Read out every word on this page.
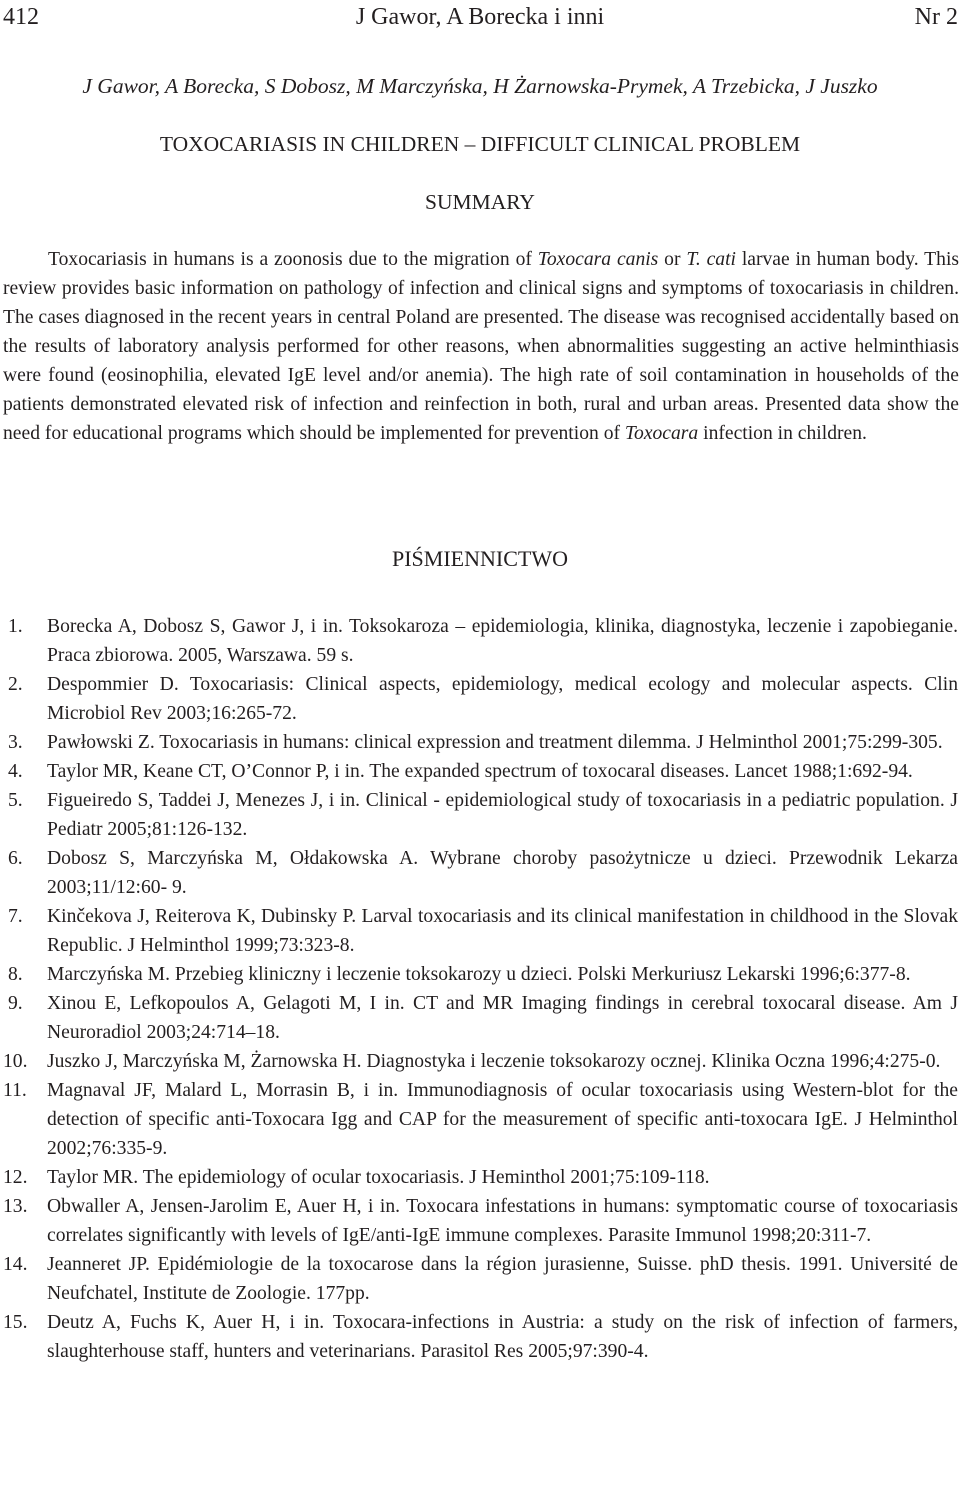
412	J Gawor, A Borecka i inni	Nr 2
J Gawor, A Borecka, S Dobosz, M Marczyńska, H Żarnowska-Prymek, A Trzebicka, J Juszko
TOXOCARIASIS IN CHILDREN – DIFFICULT CLINICAL PROBLEM
SUMMARY

Toxocariasis in humans is a zoonosis due to the migration of Toxocara canis or T. cati larvae in human body. This review provides basic information on pathology of infection and clinical signs and symptoms of toxocariasis in children. The cases diagnosed in the recent years in central Poland are presented. The disease was recognised accidentally based on the results of laboratory analysis performed for other reasons, when abnormalities suggesting an active helminthiasis were found (eosinophilia, elevated IgE level and/or anemia). The high rate of soil contamination in households of the patients demonstrated elevated risk of infection and reinfection in both, rural and urban areas. Presented data show the need for educational programs which should be implemented for prevention of Toxocara infection in children.

PIŚMIENNICTWO
1. Borecka A, Dobosz S, Gawor J, i in. Toksokaroza – epidemiologia, klinika, diagnostyka, leczenie i zapobieganie. Praca zbiorowa. 2005, Warszawa. 59 s.
2. Despommier D. Toxocariasis: Clinical aspects, epidemiology, medical ecology and molecular aspects. Clin Microbiol Rev 2003;16:265-72.
3. Pawłowski Z. Toxocariasis in humans: clinical expression and treatment dilemma. J Helminthol 2001;75:299-305.
4. Taylor MR, Keane CT, O’Connor P, i in. The expanded spectrum of toxocaral diseases. Lancet 1988;1:692-94.
5. Figueiredo S, Taddei J, Menezes J, i in. Clinical - epidemiological study of toxocariasis in a pediatric population. J Pediatr 2005;81:126-132.
6. Dobosz S, Marczyńska M, Ołdakowska A. Wybrane choroby pasożytnicze u dzieci. Przewodnik Lekarza 2003;11/12:60- 9.
7. Kinčekova J, Reiterova K, Dubinsky P. Larval toxocariasis and its clinical manifestation in childhood in the Slovak Republic. J Helminthol 1999;73:323-8.
8. Marczyńska M. Przebieg kliniczny i leczenie toksokarozy u dzieci. Polski Merkuriusz Lekarski 1996;6:377-8.
9. Xinou E, Lefkopoulos A, Gelagoti M, I in. CT and MR Imaging findings in cerebral toxocaral disease. Am J Neuroradiol 2003;24:714–18.
10. Juszko J, Marczyńska M, Żarnowska H. Diagnostyka i leczenie toksokarozy ocznej. Klinika Oczna 1996;4:275-0.
11. Magnaval JF, Malard L, Morrasin B, i in. Immunodiagnosis of ocular toxocariasis using Western-blot for the detection of specific anti-Toxocara Igg and CAP for the measurement of specific anti-toxocara IgE. J Helminthol 2002;76:335-9.
12. Taylor MR. The epidemiology of ocular toxocariasis. J Heminthol 2001;75:109-118.
13. Obwaller A, Jensen-Jarolim E, Auer H, i in. Toxocara infestations in humans: symptomatic course of toxocariasis correlates significantly with levels of IgE/anti-IgE immune complexes. Parasite Immunol 1998;20:311-7.
14. Jeanneret JP. Epidémiologie de la toxocarose dans la région jurasienne, Suisse. phD thesis. 1991. Université de Neufchatel, Institute de Zoologie. 177pp.
15. Deutz A, Fuchs K, Auer H, i in. Toxocara-infections in Austria: a study on the risk of infection of farmers, slaughterhouse staff, hunters and veterinarians. Parasitol Res 2005;97:390-4.
